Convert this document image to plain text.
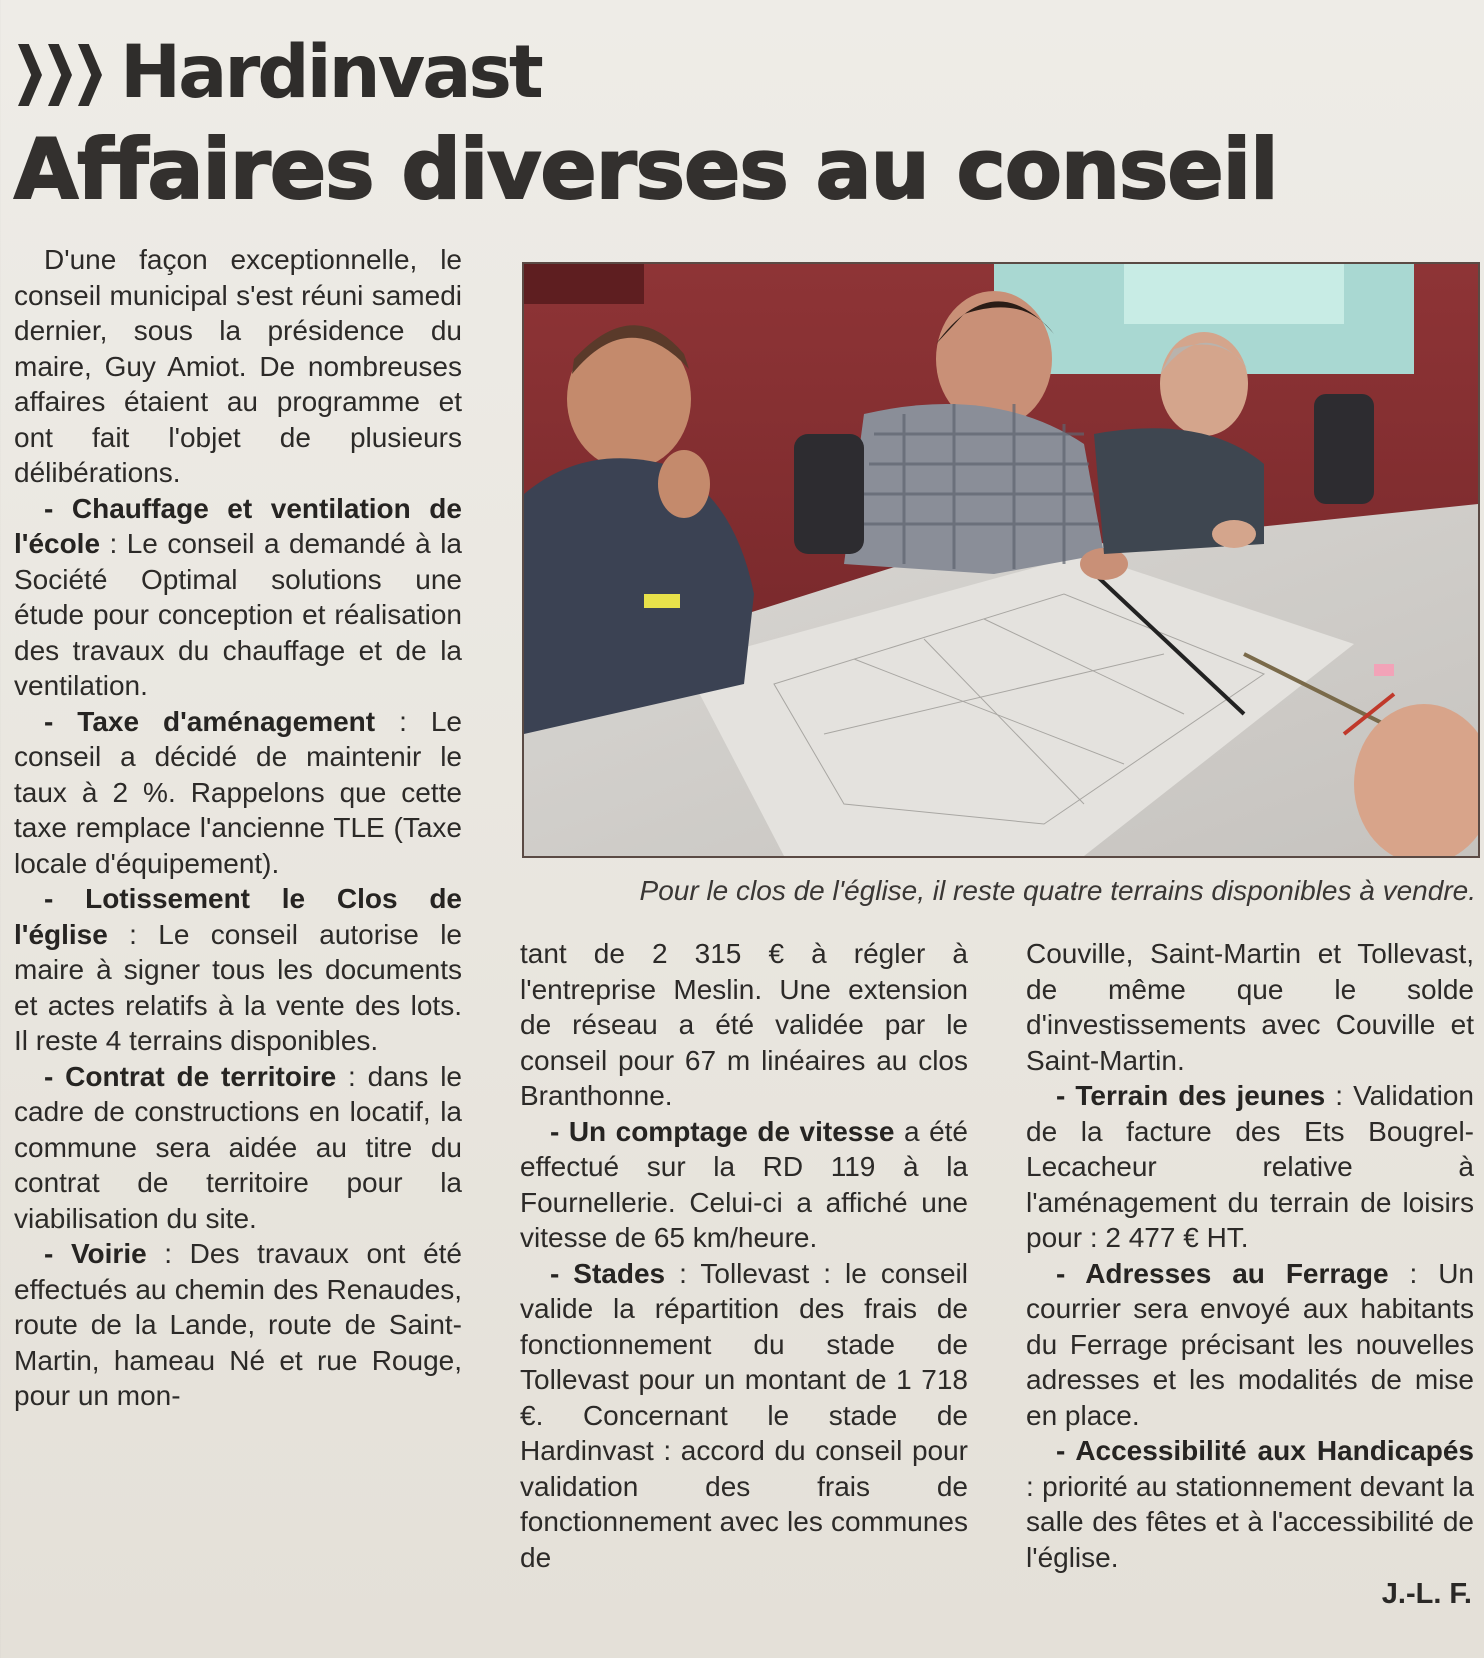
Hardinvast
Affaires diverses au conseil

D'une façon exceptionnelle, le conseil municipal s'est réuni samedi dernier, sous la présidence du maire, Guy Amiot. De nombreuses affaires étaient au programme et ont fait l'objet de plusieurs délibérations.

- Chauffage et ventilation de l'école : Le conseil a demandé à la Société Optimal solutions une étude pour conception et réalisation des travaux du chauffage et de la ventilation.

- Taxe d'aménagement : Le conseil a décidé de maintenir le taux à 2 %. Rappelons que cette taxe remplace l'ancienne TLE (Taxe locale d'équipement).

- Lotissement le Clos de l'église : Le conseil autorise le maire à signer tous les documents et actes relatifs à la vente des lots. Il reste 4 terrains disponibles.

- Contrat de territoire : dans le cadre de constructions en locatif, la commune sera aidée au titre du contrat de territoire pour la viabilisation du site.

- Voirie : Des travaux ont été effectués au chemin des Renaudes, route de la Lande, route de Saint-Martin, hameau Né et rue Rouge, pour un mon-

Pour le clos de l'église, il reste quatre terrains disponibles à vendre.

tant de 2 315 € à régler à l'entreprise Meslin. Une extension de réseau a été validée par le conseil pour 67 m linéaires au clos Branthonne.

- Un comptage de vitesse a été effectué sur la RD 119 à la Fournellerie. Celui-ci a affiché une vitesse de 65 km/heure.

- Stades : Tollevast : le conseil valide la répartition des frais de fonctionnement du stade de Tollevast pour un montant de 1 718 €. Concernant le stade de Hardinvast : accord du conseil pour validation des frais de fonctionnement avec les communes de

Couville, Saint-Martin et Tollevast, de même que le solde d'investissements avec Couville et Saint-Martin.

- Terrain des jeunes : Validation de la facture des Ets Bougrel-Lecacheur relative à l'aménagement du terrain de loisirs pour : 2 477 € HT.

- Adresses au Ferrage : Un courrier sera envoyé aux habitants du Ferrage précisant les nouvelles adresses et les modalités de mise en place.

- Accessibilité aux Handicapés : priorité au stationnement devant la salle des fêtes et à l'accessibilité de l'église.

J.-L. F.
